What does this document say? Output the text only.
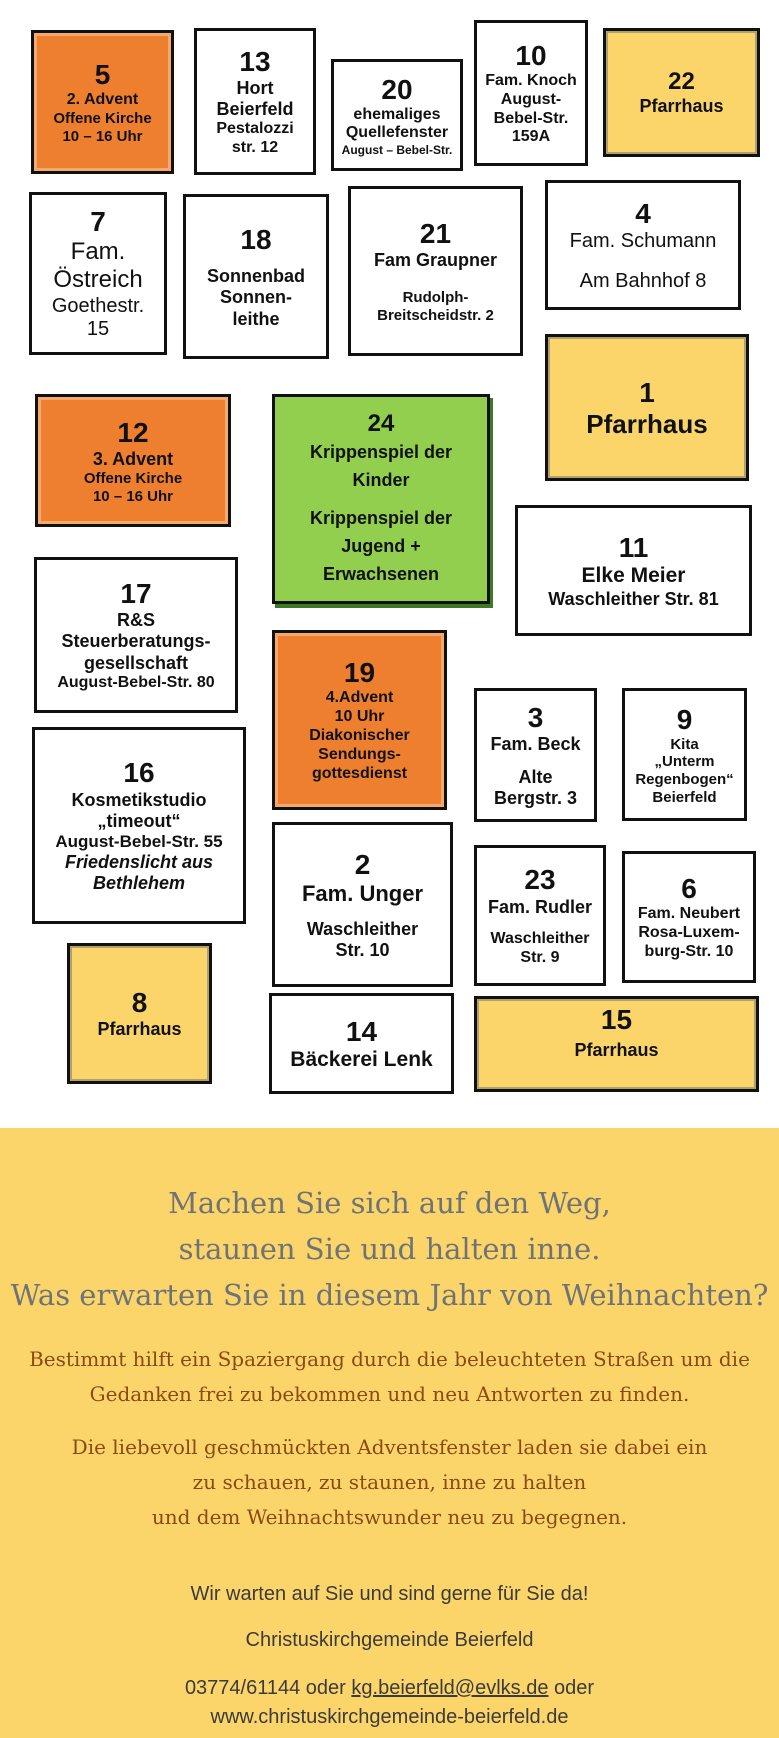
5
2. Advent
Offene Kirche
10 – 16 Uhr
13
Hort
Beierfeld
Pestalozzi
str. 12
20
ehemaliges
Quellefenster
August – Bebel-Str.
10
Fam. Knoch
August-
Bebel-Str.
159A
22
Pfarrhaus
7
Fam.
Östreich
Goethestr.
15
18
Sonnenbad
Sonnen-
leithe
21
Fam Graupner
Rudolph-
Breitscheidstr. 2
4
Fam. Schumann
Am Bahnhof 8
1
Pfarrhaus
12
3. Advent
Offene Kirche
10 – 16 Uhr
24
Krippenspiel der
Kinder
Krippenspiel der
Jugend +
Erwachsenen
11
Elke Meier
Waschleither Str. 81
17
R&S
Steuerberatungs-
gesellschaft
August-Bebel-Str. 80	19
4.Advent
10 Uhr
Diakonischer
Sendungs-
gottesdienst
3
Fam. Beck
Alte
Bergstr. 3
9
Kita
„Unterm
Regenbogen“
Beierfeld
16
Kosmetikstudio
„timeout“
August-Bebel-Str. 55
Friedenslicht aus
Bethlehem
2
Fam. Unger
Waschleither
Str. 10
23
Fam. Rudler
Waschleither
Str. 9
6
Fam. Neubert
Rosa-Luxem-
burg-Str. 10
8
Pfarrhaus	14
Bäckerei Lenk
15
Pfarrhaus
Machen Sie sich auf den Weg,
staunen Sie und halten inne.
Was erwarten Sie in diesem Jahr von Weihnachten?
Bestimmt hilft ein Spaziergang durch die beleuchteten Straßen um die
Gedanken frei zu bekommen und neu Antworten zu finden.
Die liebevoll geschmückten Adventsfenster laden sie dabei ein
zu schauen, zu staunen, inne zu halten
und dem Weihnachtswunder neu zu begegnen.
Wir warten auf Sie und sind gerne für Sie da!
Christuskirchgemeinde Beierfeld
03774/61144 oder kg.beierfeld@evlks.de oder
www.christuskirchgemeinde-beierfeld.de
